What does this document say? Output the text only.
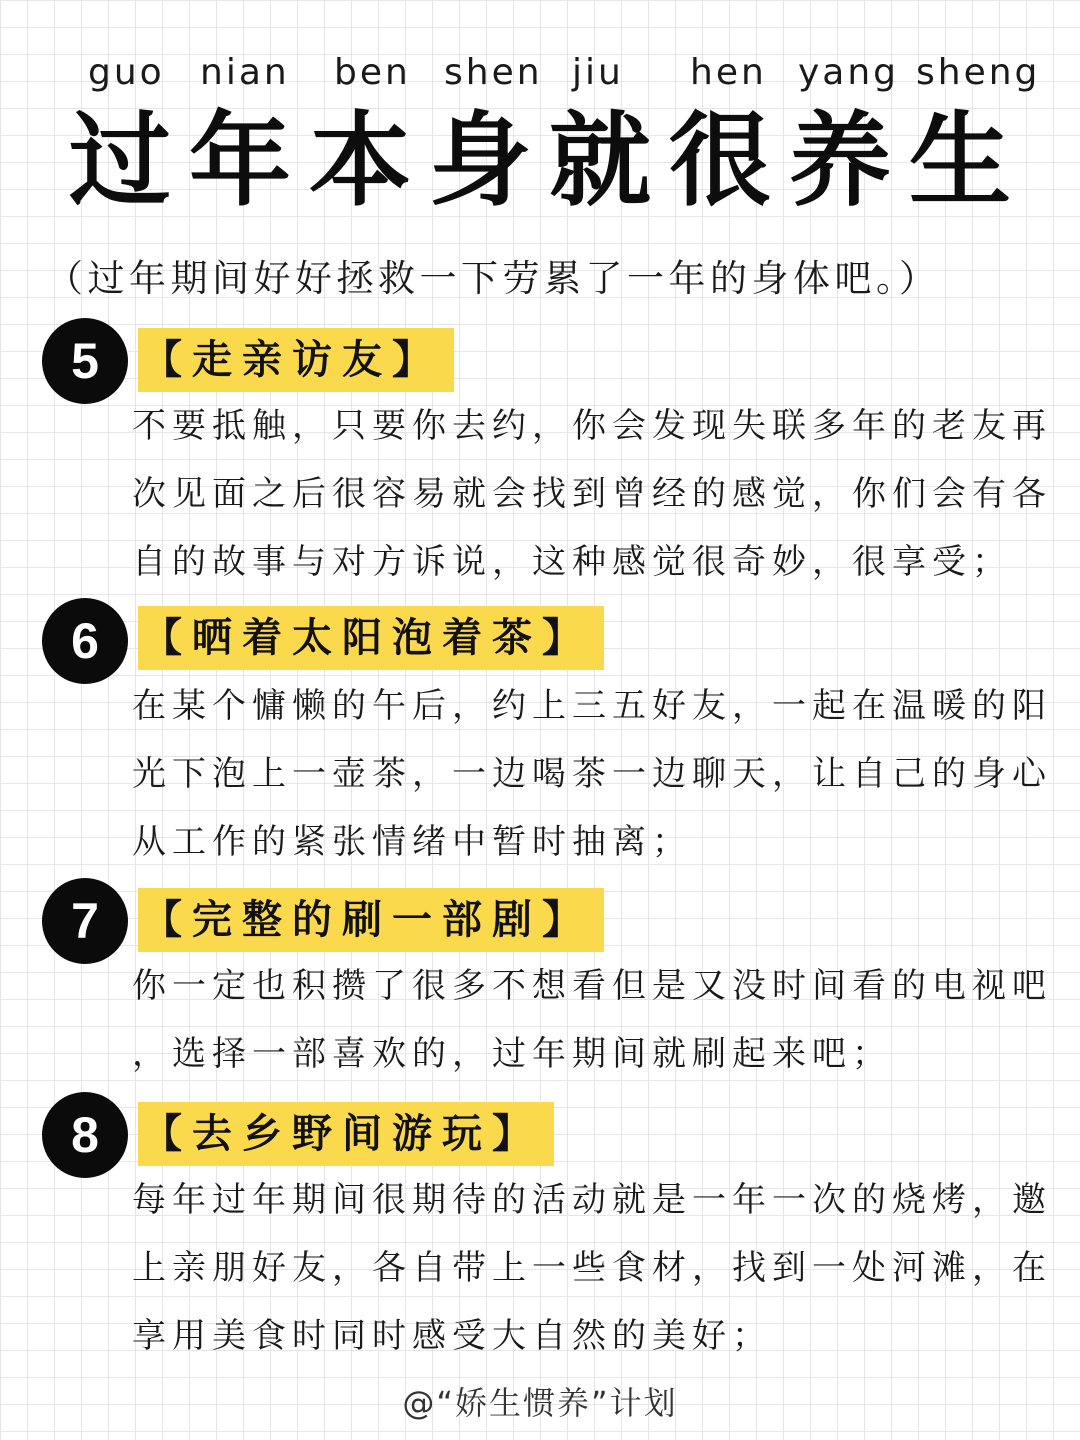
guo nian ben shen jiu hen yang sheng
过 年 本 身 就 很 养 生
（过年期间好好拯救一下劳累了一年的身体吧。）
5	【走亲访友】
不要抵触，只要你去约，你会发现失联多年的老友再
次见面之后很容易就会找到曾经的感觉，你们会有各
自的故事与对方诉说，这种感觉很奇妙，很享受；
6	【晒着太阳泡着茶】
在某个慵懒的午后，约上三五好友，一起在温暖的阳
光下泡上一壶茶，一边喝茶一边聊天，让自己的身心
从工作的紧张情绪中暂时抽离；
7	【完整的刷一部剧】
你一定也积攒了很多不想看但是又没时间看的电视吧
，选择一部喜欢的，过年期间就刷起来吧；
8	【去乡野间游玩】
每年过年期间很期待的活动就是一年一次的烧烤，邀
上亲朋好友，各自带上一些食材，找到一处河滩，在
享用美食时同时感受大自然的美好；
@“娇生惯养”计划
